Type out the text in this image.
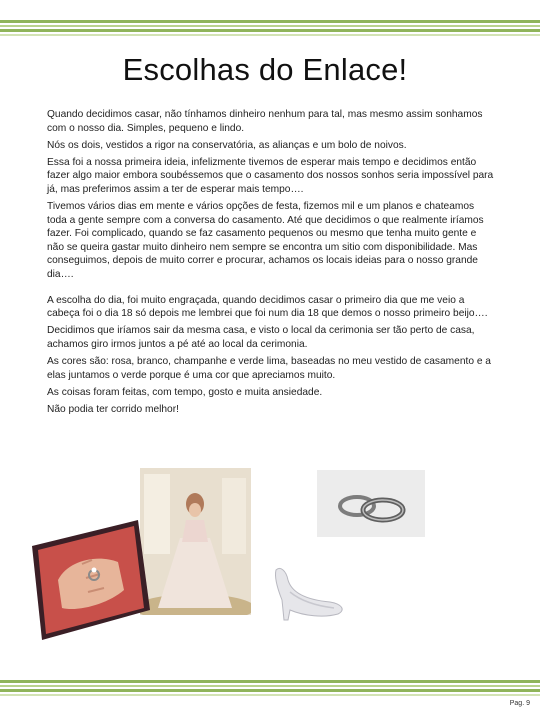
Escolhas do Enlace!

Quando decidimos casar, não tínhamos dinheiro nenhum para tal, mas mesmo assim sonhamos com o nosso dia. Simples, pequeno e lindo.

Nós os dois, vestidos a rigor na conservatória, as alianças e um bolo de noivos.

Essa foi a nossa primeira ideia, infelizmente tivemos de esperar mais tempo e decidimos então fazer algo maior embora soubéssemos que o casamento dos nossos sonhos seria impossível para já, mas preferimos assim a ter de esperar mais tempo….

Tivemos vários dias em mente e vários opções de festa, fizemos mil e um planos e chateamos toda a gente sempre com a conversa do casamento. Até que decidimos o que realmente iríamos fazer. Foi complicado, quando se faz casamento pequenos ou mesmo que tenha muito gente e não se queira gastar muito dinheiro nem sempre se encontra um sitio com disponibilidade. Mas conseguimos, depois de muito correr e procurar, achamos os locais ideias para o nosso grande dia….

A escolha do dia, foi muito engraçada, quando decidimos casar o primeiro dia que me veio a cabeça foi o dia 18 só depois me lembrei que foi num dia 18 que demos o nosso primeiro beijo….

Decidimos que iríamos sair da mesma casa, e visto o local da cerimonia ser tão perto de casa, achamos giro irmos juntos a pé até ao local da cerimonia.

As cores são: rosa, branco, champanhe e verde lima, baseadas no meu vestido de casamento e a elas juntamos o verde porque é uma cor que apreciamos muito.

As coisas foram feitas, com tempo, gosto e muita ansiedade.

Não podia ter corrido melhor!

Pag. 9
